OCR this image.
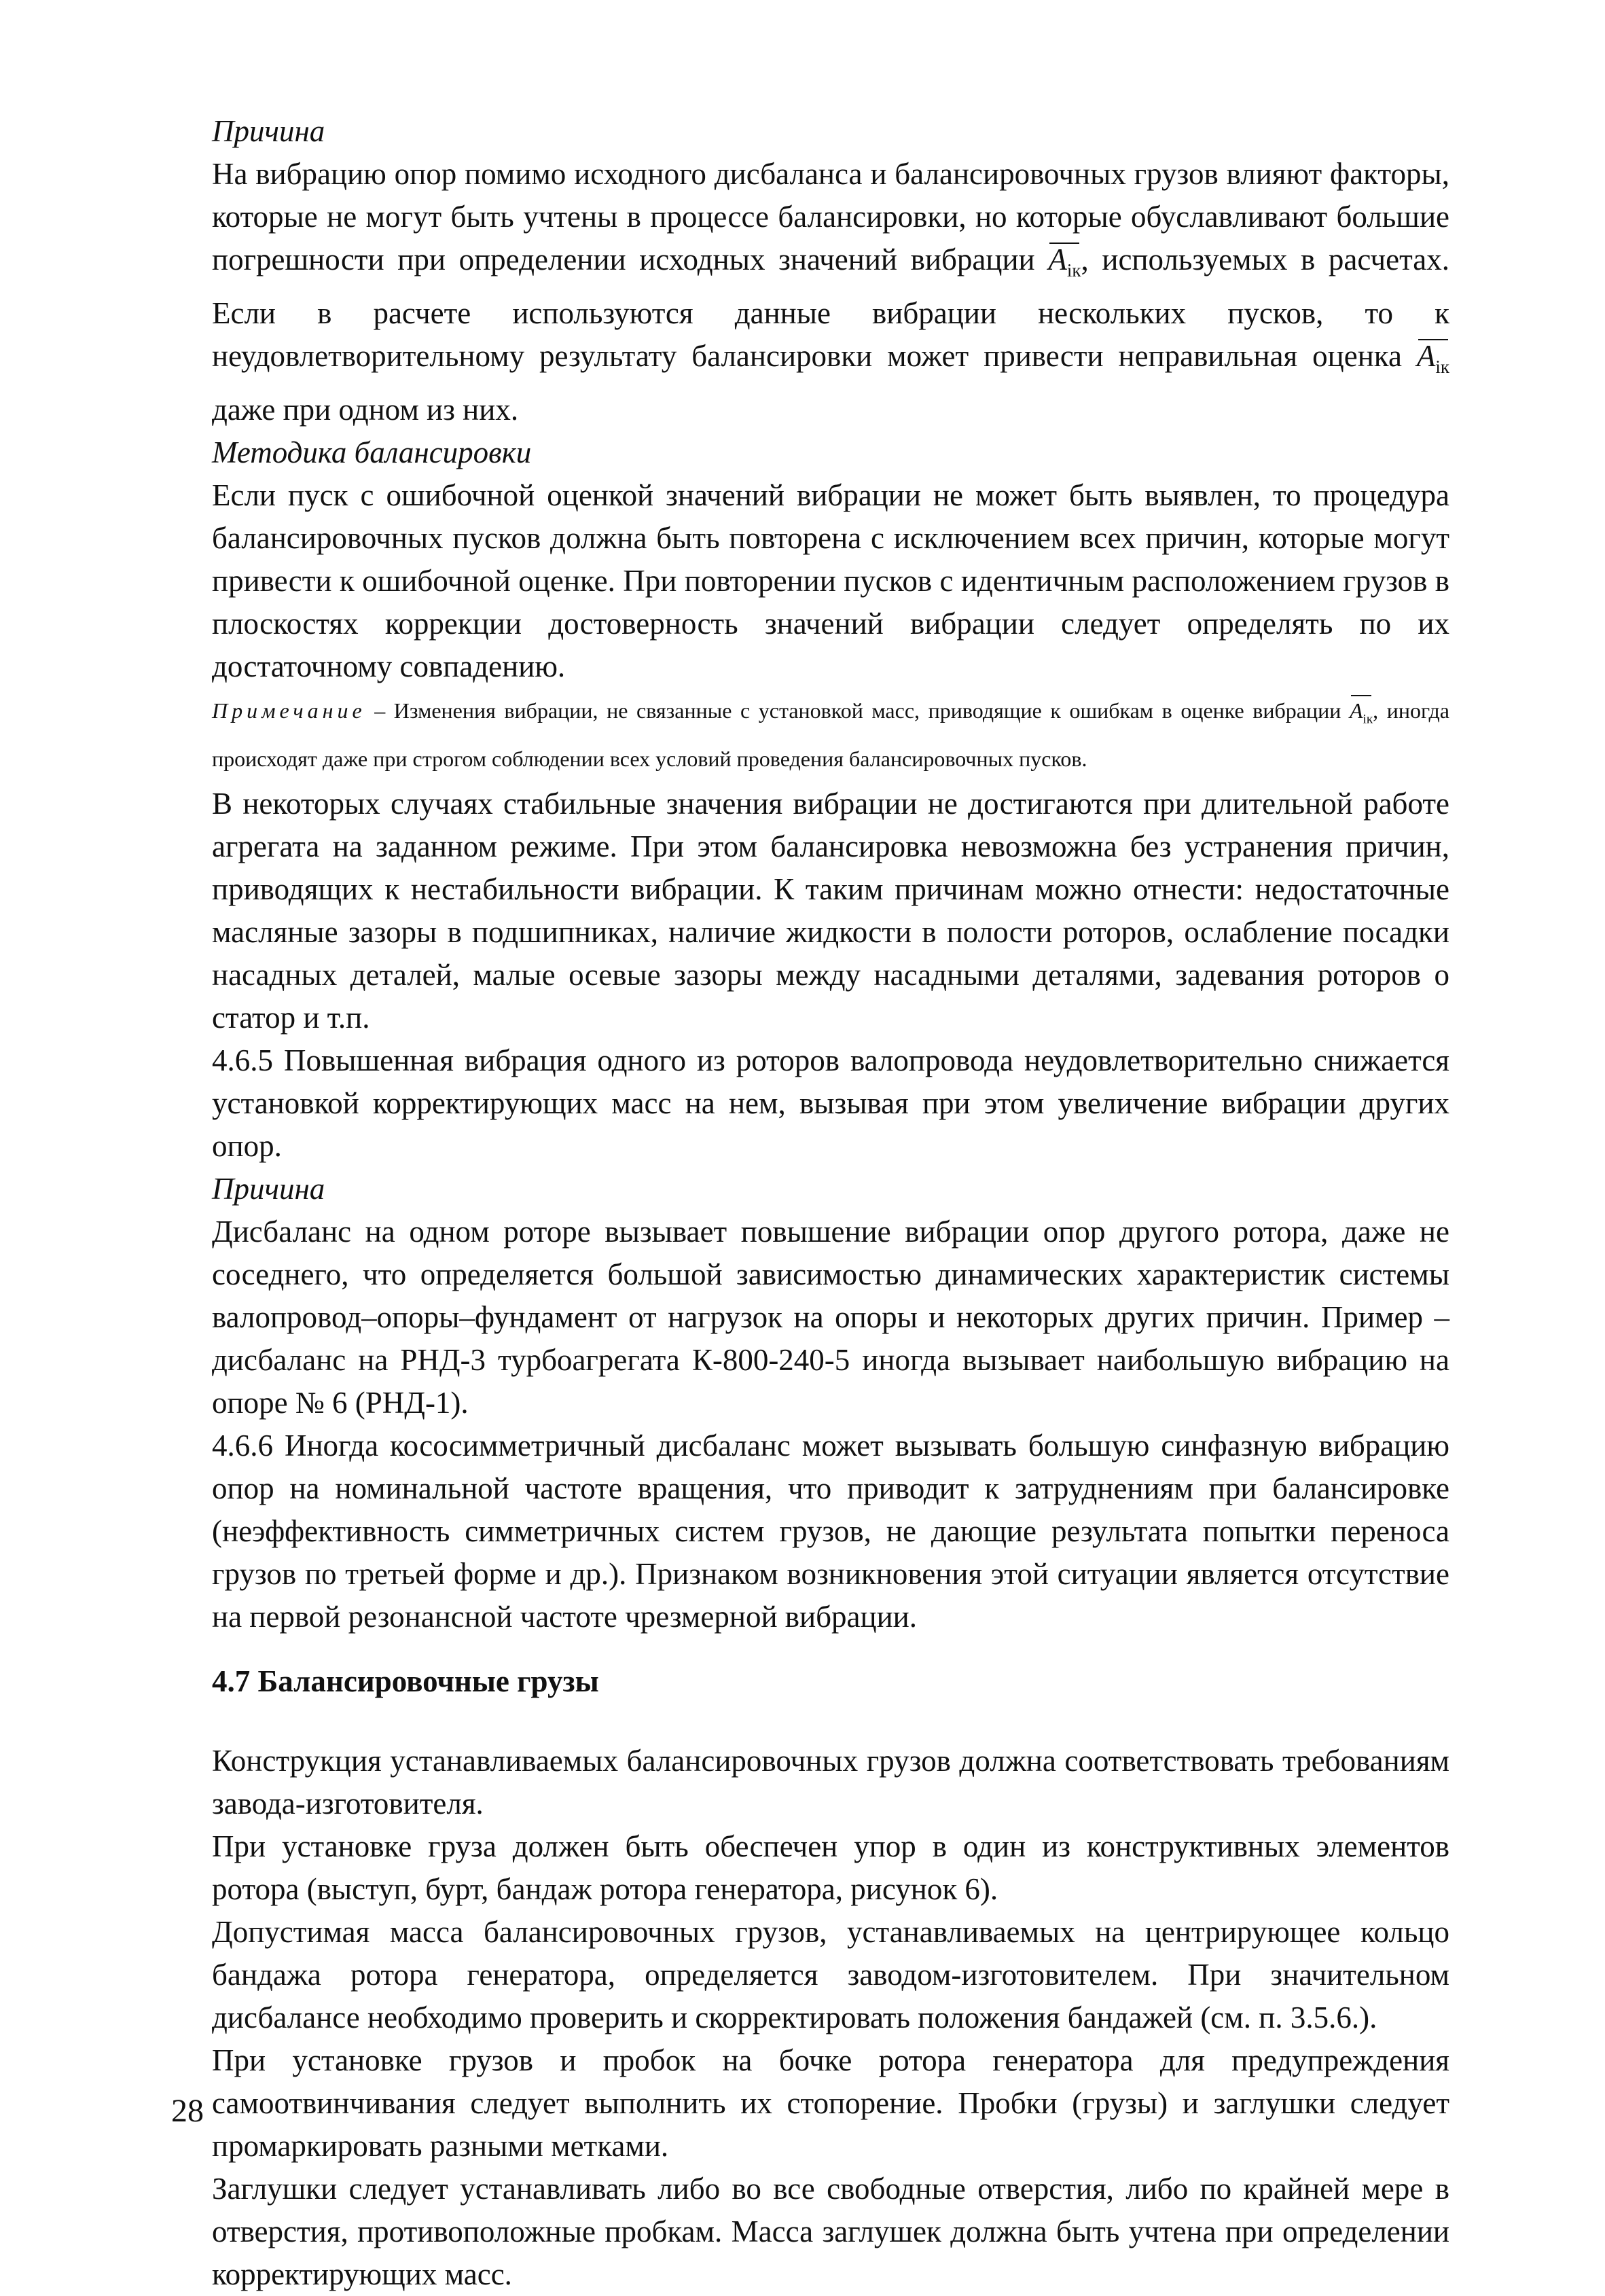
Причина

На вибрацию опор помимо исходного дисбаланса и балансировочных грузов влияют факторы, которые не могут быть учтены в процессе балансировки, но которые обуславливают большие погрешности при определении исходных значений вибрации $A_{iк}$, используемых в расчетах. Если в расчете используются данные вибрации нескольких пусков, то к неудовлетворительному результату балансировки может привести неправильная оценка $A_{iк}$ даже при одном из них.

Методика балансировки

Если пуск с ошибочной оценкой значений вибрации не может быть выявлен, то процедура балансировочных пусков должна быть повторена с исключением всех причин, которые могут привести к ошибочной оценке. При повторении пусков с идентичным расположением грузов в плоскостях коррекции достоверность значений вибрации следует определять по их достаточному совпадению.

Примечание – Изменения вибрации, не связанные с установкой масс, приводящие к ошибкам в оценке вибрации $A_{iк}$, иногда происходят даже при строгом соблюдении всех условий проведения балансировочных пусков.

В некоторых случаях стабильные значения вибрации не достигаются при длительной работе агрегата на заданном режиме. При этом балансировка невозможна без устранения причин, приводящих к нестабильности вибрации. К таким причинам можно отнести: недостаточные масляные зазоры в подшипниках, наличие жидкости в полости роторов, ослабление посадки насадных деталей, малые осевые зазоры между насадными деталями, задевания роторов о статор и т.п.

4.6.5 Повышенная вибрация одного из роторов валопровода неудовлетворительно снижается установкой корректирующих масс на нем, вызывая при этом увеличение вибрации других опор.

Причина

Дисбаланс на одном роторе вызывает повышение вибрации опор другого ротора, даже не соседнего, что определяется большой зависимостью динамических характеристик системы валопровод–опоры–фундамент от нагрузок на опоры и некоторых других причин. Пример – дисбаланс на РНД-3 турбоагрегата К-800-240-5 иногда вызывает наибольшую вибрацию на опоре № 6 (РНД-1).

4.6.6 Иногда кососимметричный дисбаланс может вызывать большую синфазную вибрацию опор на номинальной частоте вращения, что приводит к затруднениям при балансировке (неэффективность симметричных систем грузов, не дающие результата попытки переноса грузов по третьей форме и др.). Признаком возникновения этой ситуации является отсутствие на первой резонансной частоте чрезмерной вибрации.

4.7 Балансировочные грузы

Конструкция устанавливаемых балансировочных грузов должна соответствовать требованиям завода-изготовителя.

При установке груза должен быть обеспечен упор в один из конструктивных элементов ротора (выступ, бурт, бандаж ротора генератора, рисунок 6).

Допустимая масса балансировочных грузов, устанавливаемых на центрирующее кольцо бандажа ротора генератора, определяется заводом-изготовителем. При значительном дисбалансе необходимо проверить и скорректировать положения бандажей (см. п. 3.5.6.).

При установке грузов и пробок на бочке ротора генератора для предупреждения самоотвинчивания следует выполнить их стопорение. Пробки (грузы) и заглушки следует промаркировать разными метками.

Заглушки следует устанавливать либо во все свободные отверстия, либо по крайней мере в отверстия, противоположные пробкам. Масса заглушек должна быть учтена при определении корректирующих масс.

28
